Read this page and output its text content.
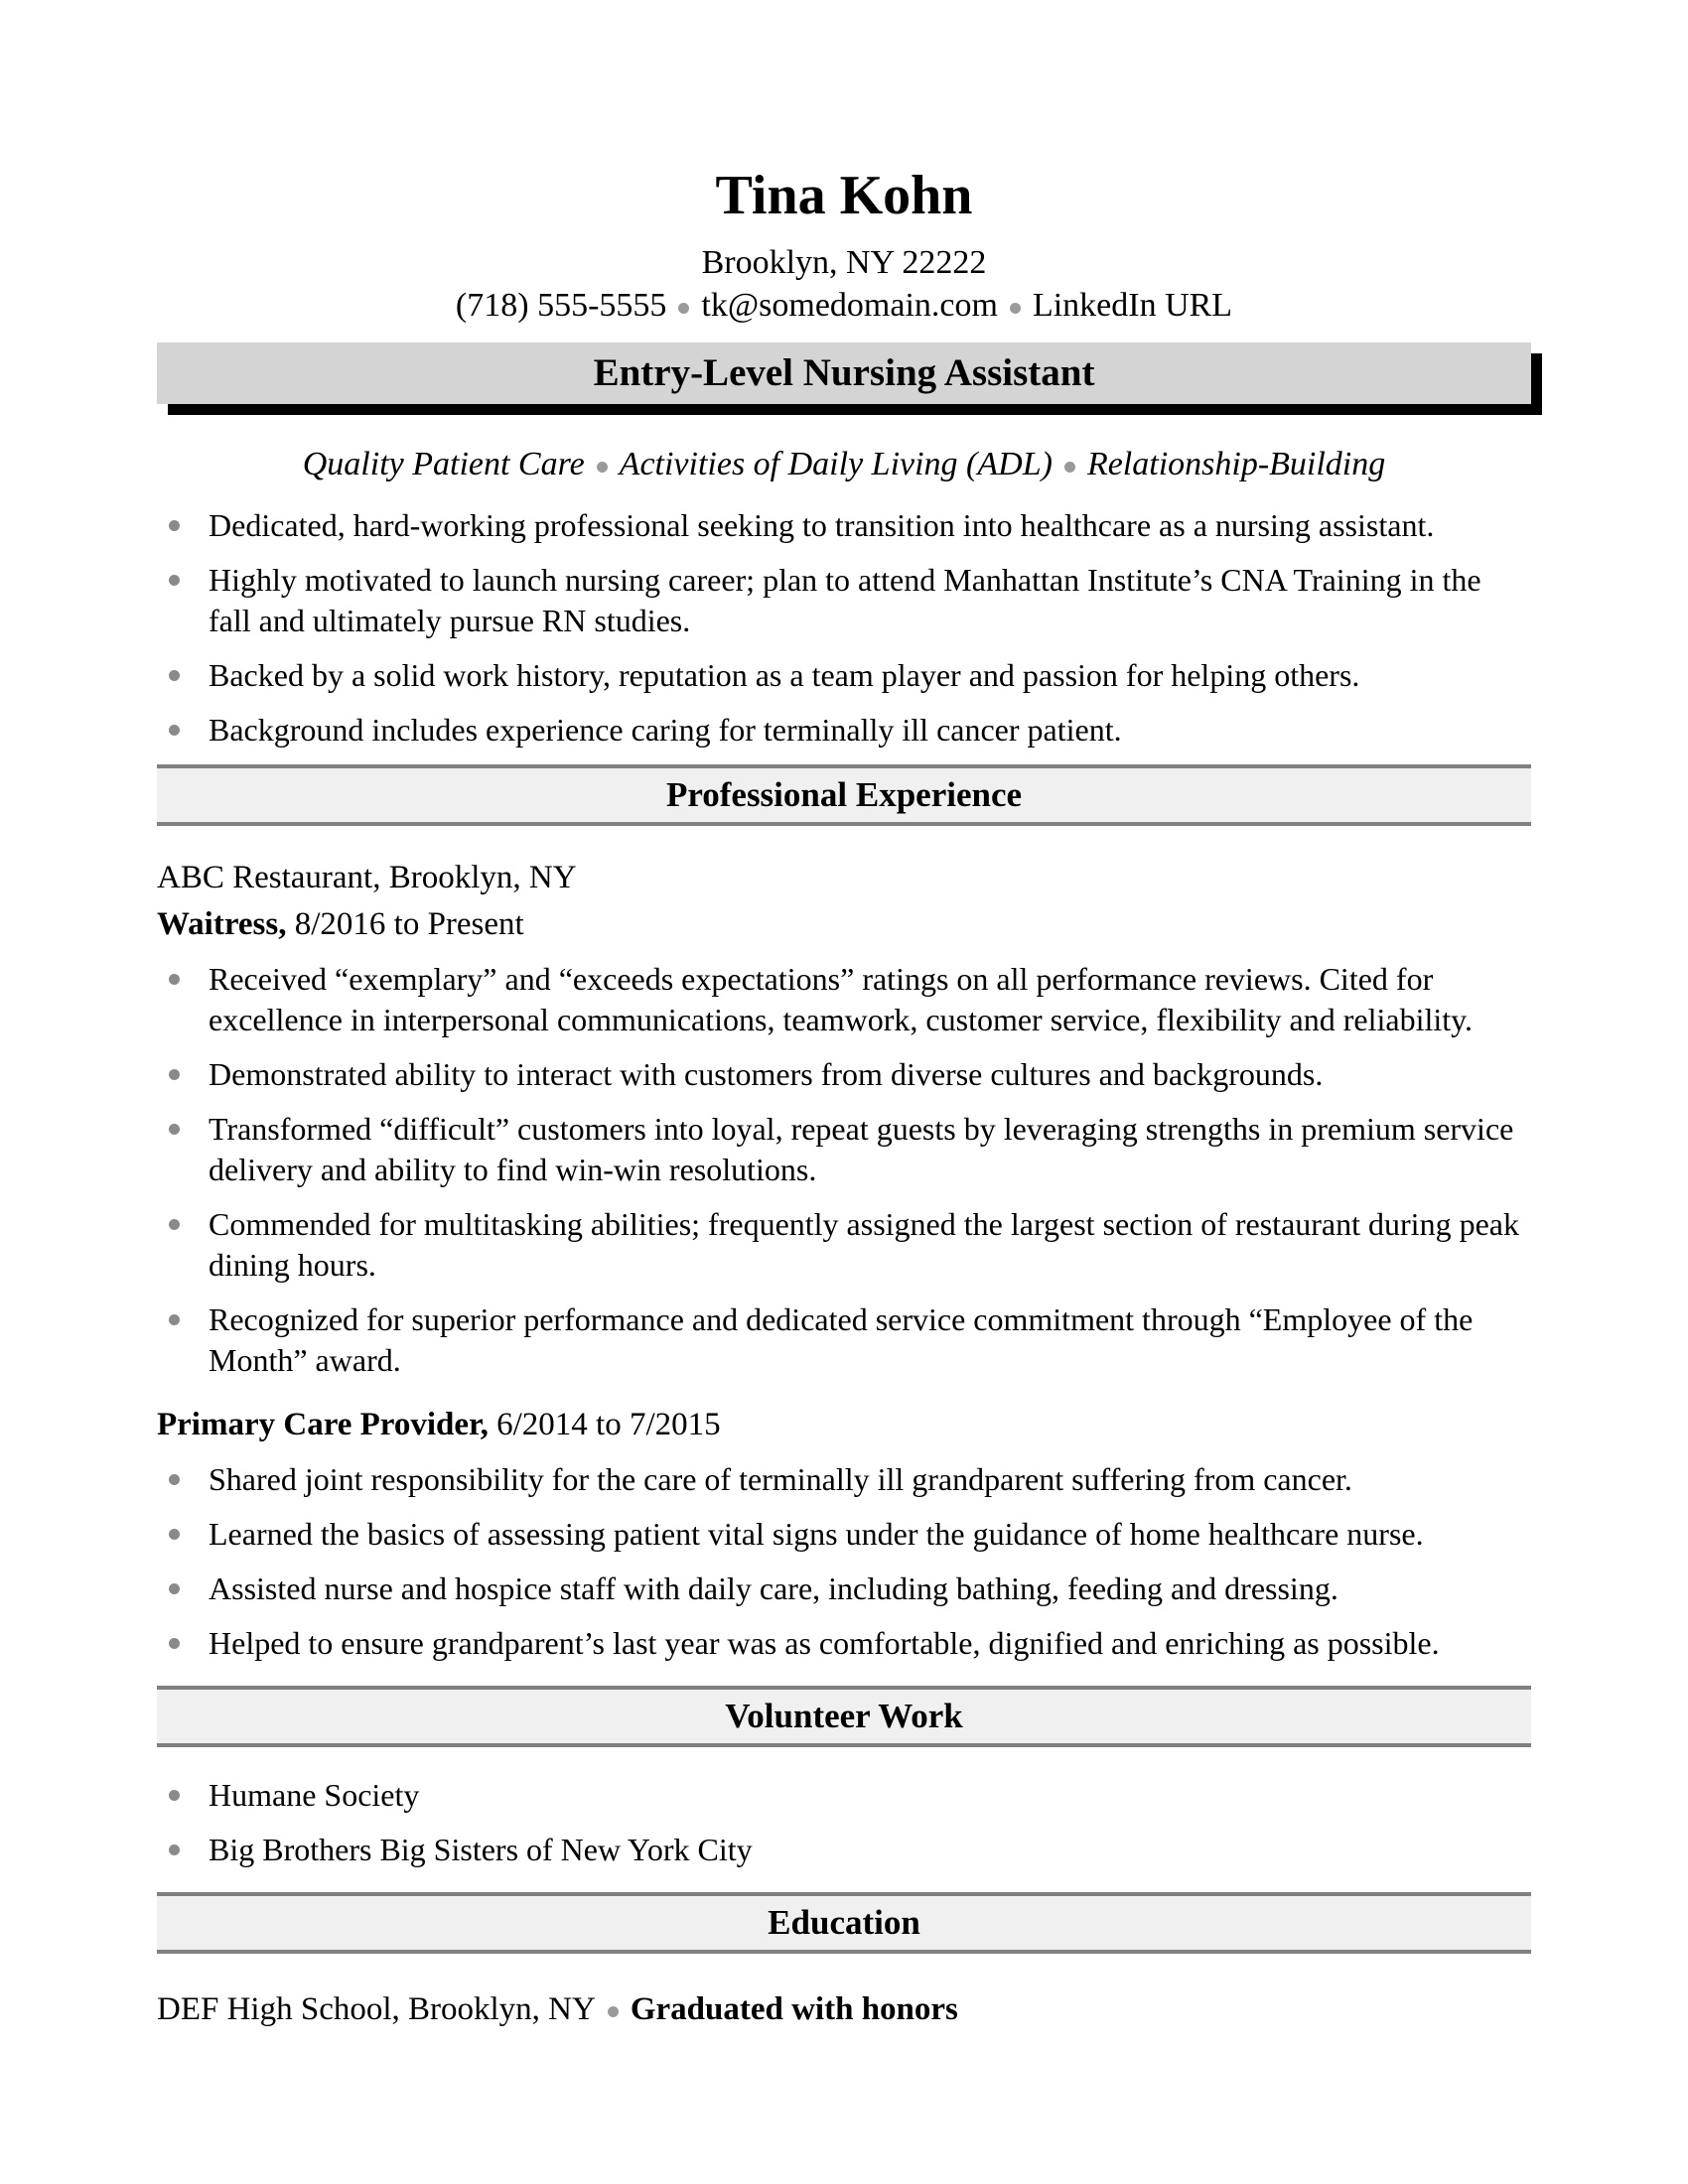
Tina Kohn
Brooklyn, NY 22222
(718) 555-5555 tk@somedomain.com LinkedIn URL
Entry-Level Nursing Assistant
Quality Patient Care Activities of Daily Living (ADL) Relationship-Building
Dedicated, hard-working professional seeking to transition into healthcare as a nursing assistant.
Highly motivated to launch nursing career; plan to attend Manhattan Institute’s CNA Training in the fall and ultimately pursue RN studies.
Backed by a solid work history, reputation as a team player and passion for helping others.
Background includes experience caring for terminally ill cancer patient.
Professional Experience

ABC Restaurant, Brooklyn, NY

Waitress, 8/2016 to Present

Received “exemplary” and “exceeds expectations” ratings on all performance reviews. Cited for excellence in interpersonal communications, teamwork, customer service, flexibility and reliability.
Demonstrated ability to interact with customers from diverse cultures and backgrounds.
Transformed “difficult” customers into loyal, repeat guests by leveraging strengths in premium service delivery and ability to find win-win resolutions.
Commended for multitasking abilities; frequently assigned the largest section of restaurant during peak dining hours.
Recognized for superior performance and dedicated service commitment through “Employee of the Month” award.

Primary Care Provider, 6/2014 to 7/2015

Shared joint responsibility for the care of terminally ill grandparent suffering from cancer.
Learned the basics of assessing patient vital signs under the guidance of home healthcare nurse.
Assisted nurse and hospice staff with daily care, including bathing, feeding and dressing.
Helped to ensure grandparent’s last year was as comfortable, dignified and enriching as possible.
Volunteer Work
Humane Society
Big Brothers Big Sisters of New York City
Education

DEF High School, Brooklyn, NY Graduated with honors
